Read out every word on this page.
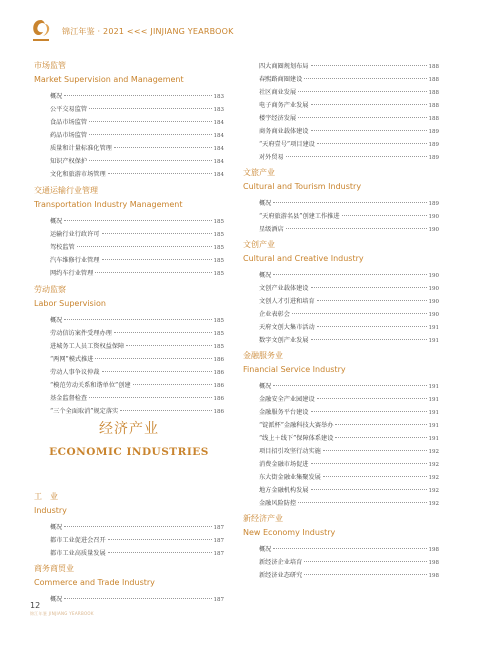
锦江年鉴 · 2021 <<< JINJIANG YEARBOOK
市场监管
Market Supervision and Management
概况	183
公平交易监管	183
食品市场监管	184
药品市场监管	184
质量和计量标准化管理	184
知识产权保护	184
文化和旅游市场管理	184
交通运输行业管理
Transportation Industry Management
概况	185
运输行业行政许可	185
驾校监管	185
汽车维修行业管理	185
网约车行业管理	185
劳动监察
Labor Supervision
概况	185
劳动信访案件受理办理	185
进城务工人员工资权益保障	185
“两网”模式推进	186
劳动人事争议仲裁	186
“模范劳动关系和谐单位”创建	186
基金监督检查	186
“三个全面取消”规定落实	186
经济产业
ECONOMIC INDUSTRIES
工　业
Industry
概况	187
都市工业促进会召开	187
都市工业高质量发展	187
商务商贸业
Commerce and Trade Industry
概况	187
四大商圈规划布局	188
春熙路商圈建设	188
社区商业发展	188
电子商务产业发展	188
楼宇经济发展	188
商务商业载体建设	189
“天府壹号”项目建设	189
对外贸易	189
文旅产业
Cultural and Tourism Industry
概况	189
“天府旅游名县”创建工作推进	190
星级酒店	190
文创产业
Cultural and Creative Industry
概况	190
文创产业载体建设	190
文创人才引进和培育	190
企业表彰会	190
天府文创大集市活动	191
数字文创产业发展	191
金融服务业
Financial Service Industry
概况	191
金融安全产业园建设	191
金融服务平台建设	191
“锭派杯”金融科技大赛举办	191
“线上＋线下”保障体系建设	191
项目招引攻坚行动实施	192
消费金融市场促进	192
东大街金融业集聚发展	192
地方金融机构发展	192
金融风险防控	192
新经济产业
New Economy Industry
概况	198
新经济企业培育	198
新经济业态研究	198
12
锦江年鉴 JINJIANG YEARBOOK
